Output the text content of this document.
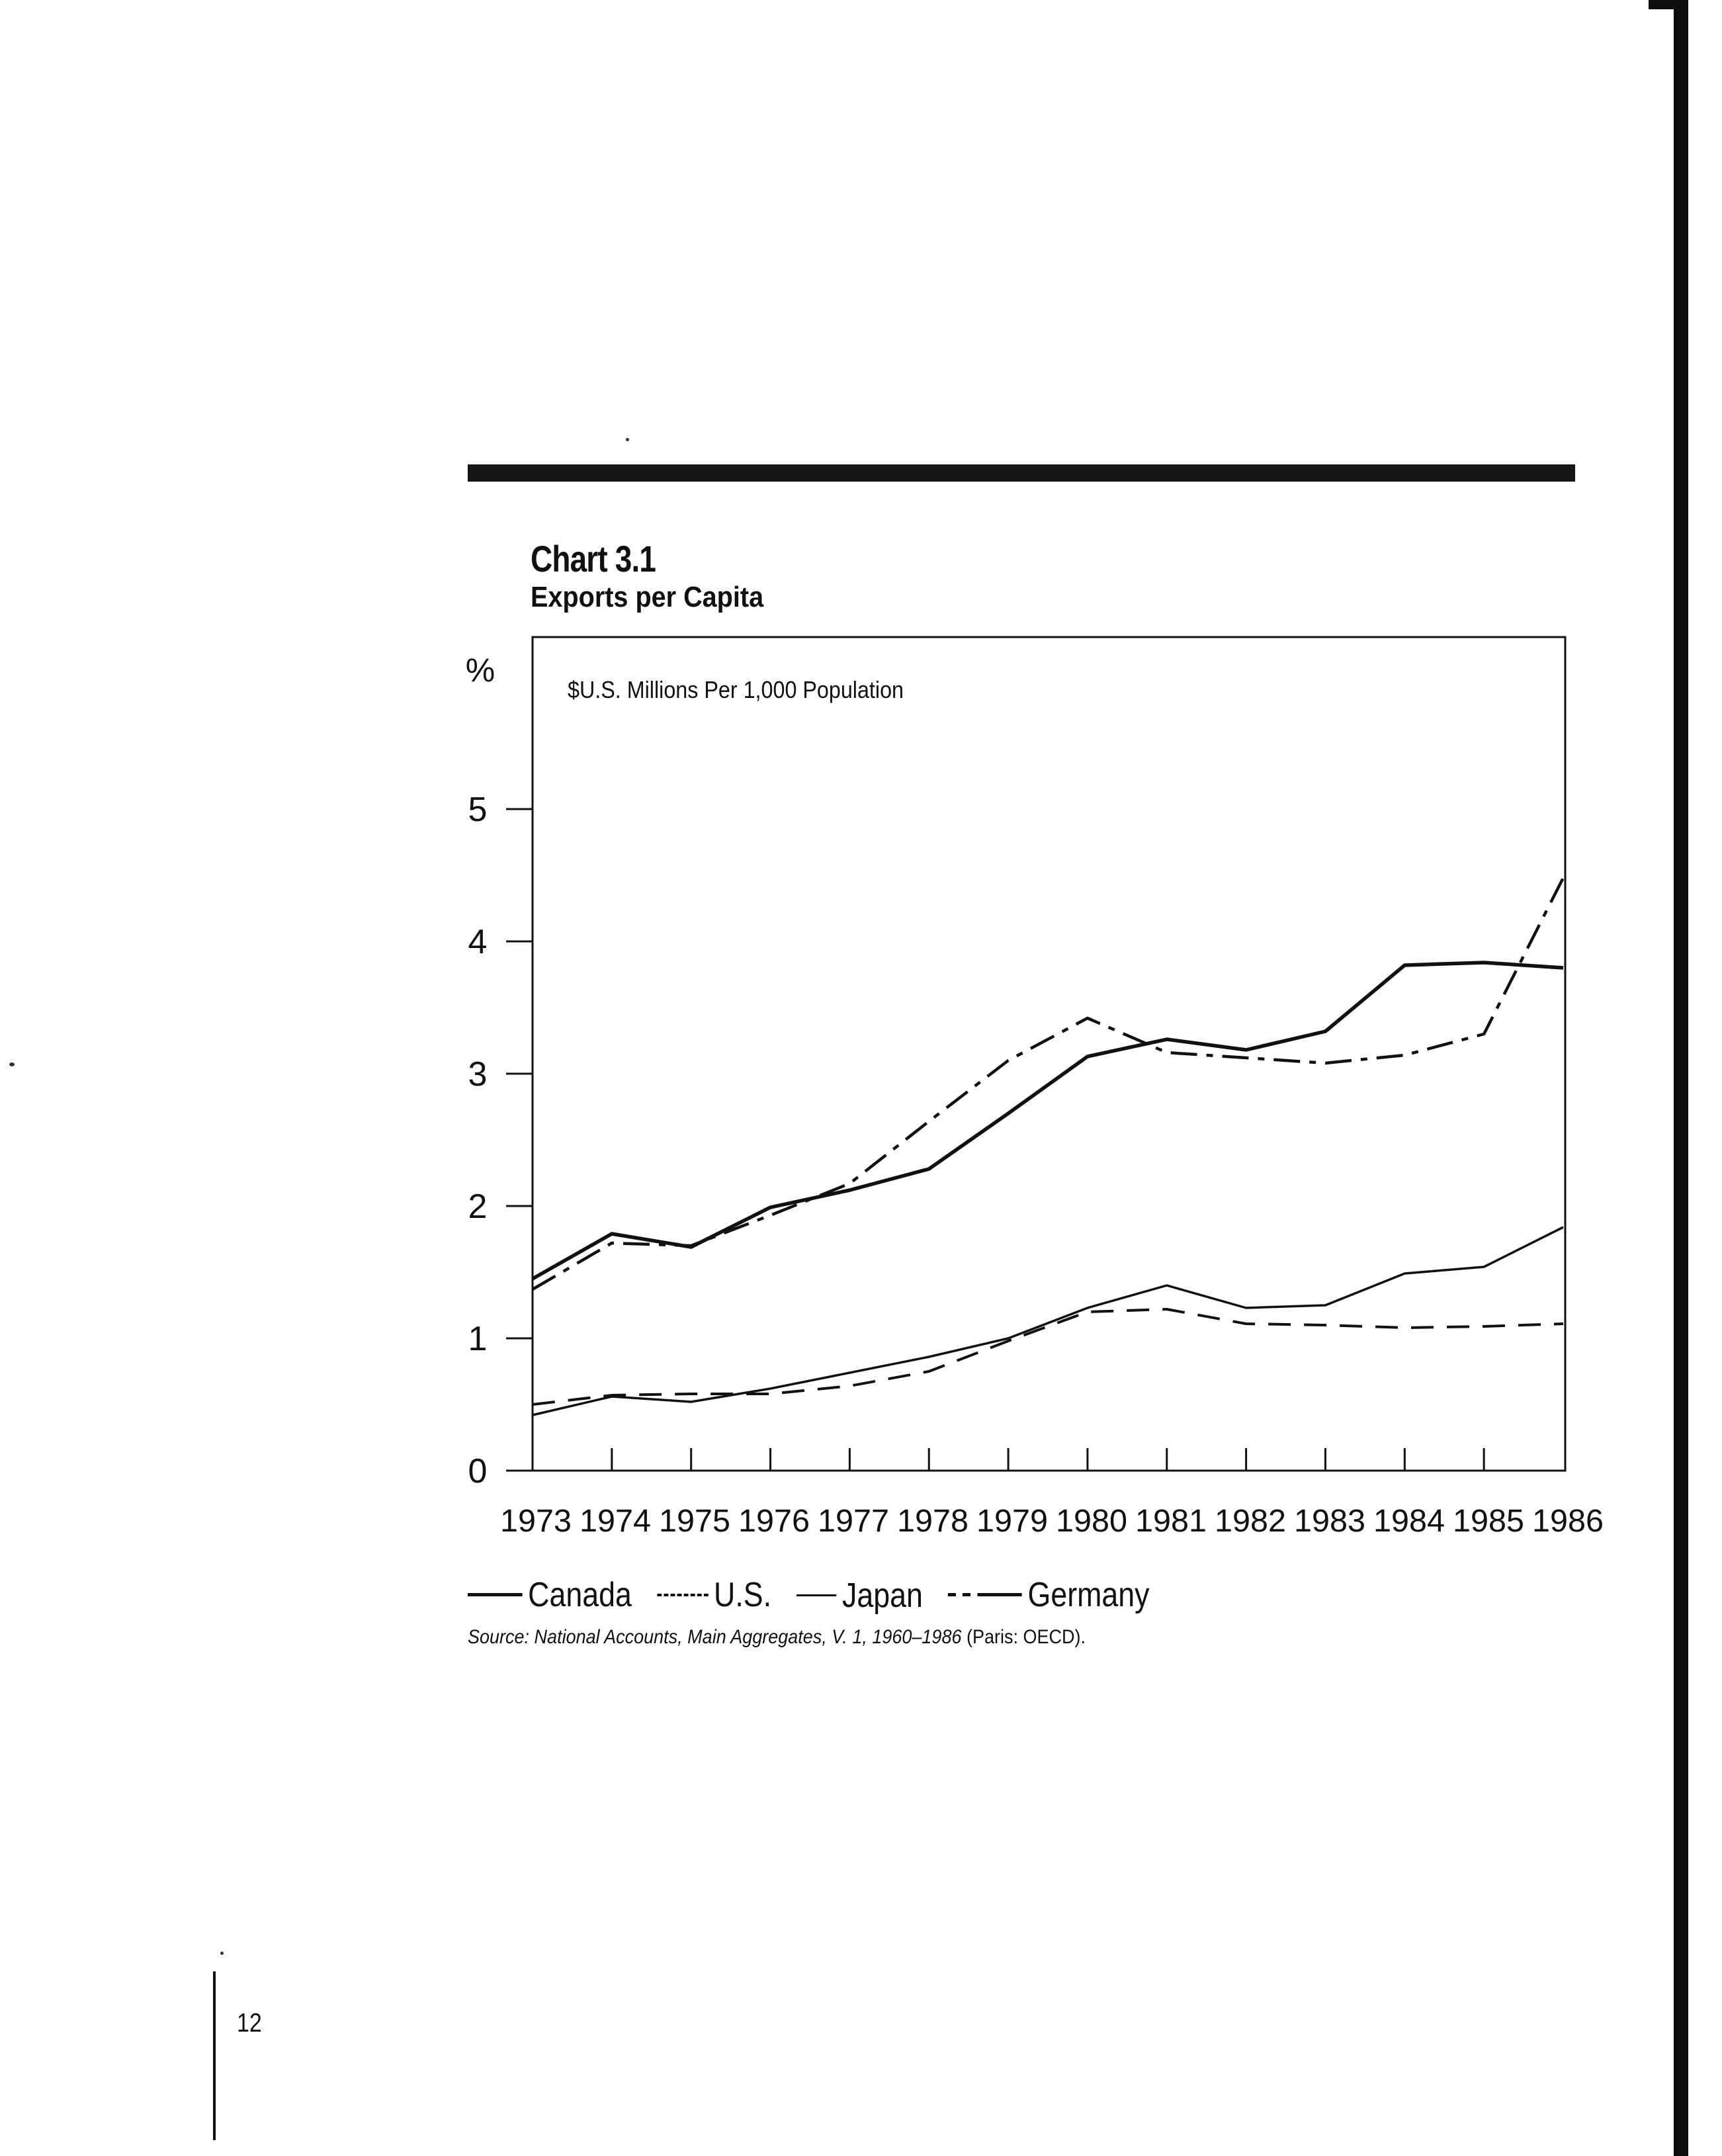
Chart 3.1
Exports per Capita
0
1
2
3
4
5
%
$U.S. Millions Per 1,000 Population
1973 1974 1975 1976 1977 1978 1979 1980 1981 1982 1983 1984 1985 1986
Canada
U.S.
Japan
	Germany
Source: National Accounts, Main Aggregates, V. 1, 1960–1986 (Paris: OECD).
12
